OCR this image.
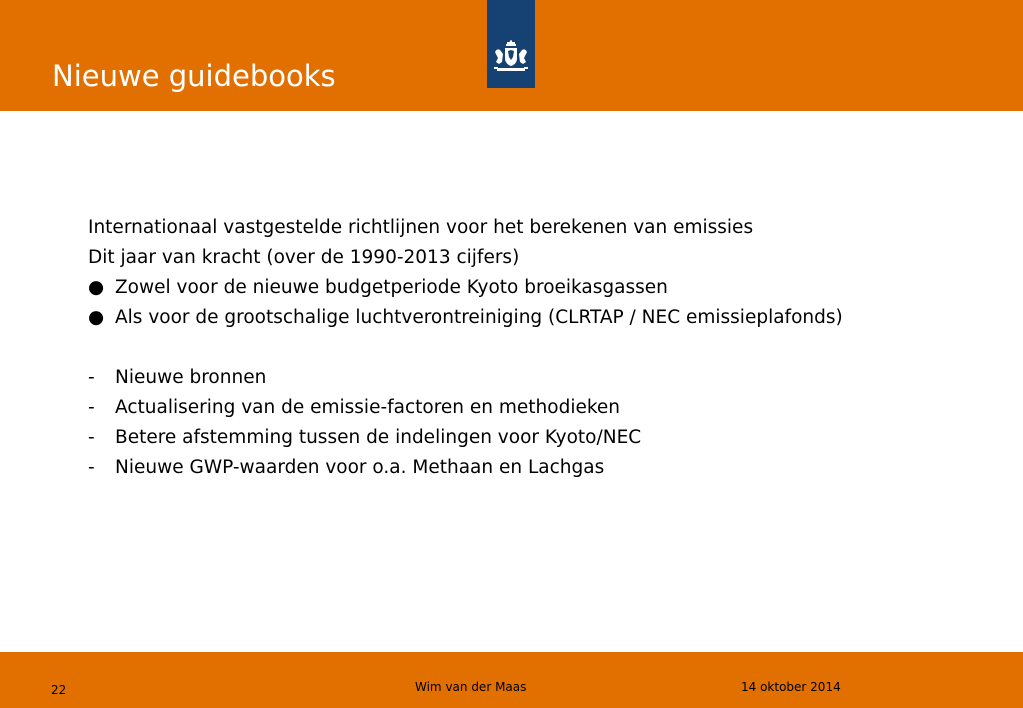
Nieuwe guidebooks
Internationaal vastgestelde richtlijnen voor het berekenen van emissies
Dit jaar van kracht (over de 1990-2013 cijfers)
● Zowel voor de nieuwe budgetperiode Kyoto broeikasgassen
● Als voor de grootschalige luchtverontreiniging (CLRTAP / NEC emissieplafonds)
- Nieuwe bronnen
- Actualisering van de emissie-factoren en methodieken
- Betere afstemming tussen de indelingen voor Kyoto/NEC
- Nieuwe GWP-waarden voor o.a. Methaan en Lachgas
22	Wim van der Maas	14 oktober 2014
